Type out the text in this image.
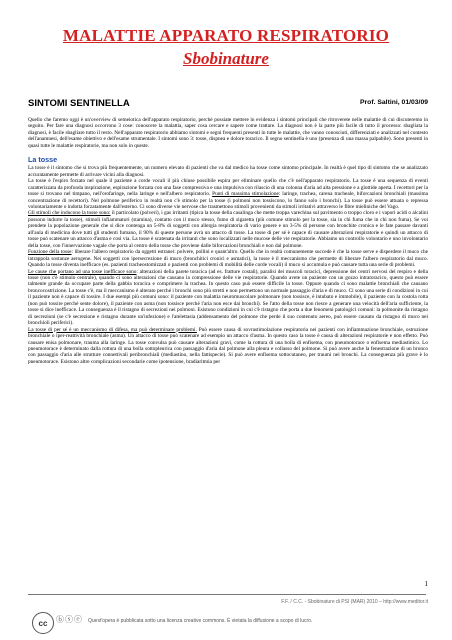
MALATTIE APPARATO RESPIRATORIO
Sbobinature
SINTOMI SENTINELLA	Prof. Saltini, 01/03/09

Quello che faremo oggi è un'overview di semeiotica dell'apparato respiratorio, perché possiate mettere in evidenza i sintomi principali che ritroverete nelle malattie di cui discuteremo in seguito. Per fare una diagnosi occorrono 3 cose: conoscere la malattia, saper cosa cercare e sapere come trattare. La diagnosi non è la parte più facile di tutto il processo: sbagliata la diagnosi, è facile sbagliare tutto il resto. Nell'apparato respiratorio abbiamo sintomi e segni frequenti presenti in tutte le malattie, che vanno conosciuti, differenziati e analizzati nel contesto dell'anamnesi, dell'esame obiettivo e dell'esame strumentale. I sintomi sono 3: tosse, dispnea e dolore toracico. Il segno sentinella è uno (presenza di una massa palpabile). Sono presenti in quasi tutte le malattie respiratorie, ma non solo in queste.

La tosse

La tosse è il sintomo che si trova più frequentemente, un numero elevato di pazienti che va dal medico ha tosse come sintomo principale. In realtà è quel tipo di sintomo che se analizzato accuratamente permette di arrivare vicini alla diagnosi.

La tosse è l'espiro forzato nel quale il paziente a corde vocali il più chiuse possibile espira per eliminare quello che c'è nell'apparato respiratorio. La tosse è una sequenza di eventi caratterizzata da profonda inspirazione, espirazione forzata con una fase compressiva e una impulsiva con rilascio di una colonna d'aria ad alta pressione e a glottide aperta. I recettori per la tosse si trovano nel timpano, nell'orofaringe, nella laringe e nell'albero respiratorio. Punti di massima stimolazione: laringe, trachea, carena tracheale, biforcazioni bronchiali (massima concentrazione di recettori). Nel polmone periferico in realtà non c'è stimolo per la tosse (i polmoni non tossiscono, lo fanno solo i bronchi). La tosse può essere attuata o repressa volontariamente o indotta forzatamente dall'esterno. Ci sono diverse vie nervose che trasmettono stimoli provenienti da stimoli irritativi attraverso le fibre mieliniche del Vago.

Gli stimoli che inducono la tosse sono: il particolato (polveri), i gas irritanti (tipica la tosse della casalinga che mette troppa varechina sul pavimento o troppo cloro e i vapori acidi o alcalini possono indurre la tosse), stimoli infiammatori (stamina), contatto con il muco stesso, fumo di sigaretta (più comune stimolo per la tosse, sia in chi fuma che in chi non fuma). Se voi prendete la popolazione generale che si dice contenga un 5-8% di soggetti con allergia respiratoria di vario genere e un 3-5% di persone con bronchite cronica e le fate passare davanti all'aula di medicina dove tutti gli studenti fumano, il 90% di queste persone avrà un attacco di tosse. La tosse di per sé è capace di causare alterazioni respiratorie e quindi un attacco di tosse può scatenare un attacco d'asma e così via. La tosse è scatenata da irritanti che sono localizzati nelle mucose delle vie respiratorie. Abbiamo un controllo volontario e uno involontario della tosse, con l'innervazione vagale che porta al centro della tosse che proviene dalle biforcazioni bronchiali e non dal polmone.

Funzione della tosse: liberare l'albero respiratorio da oggetti estranei: polvere, pollini e quant'altro. Quello che in realtà comunemente succede è che la tosse serve e disperdere il muco che intrappola sostanze aerogene. Nei soggetti con ipersecrezione di muco (bronchitici cronici e asmatici), la tosse è il meccanismo che permette di liberare l'albero respiratorio dal muco. Quando la tosse diventa inefficace (es. pazienti tracheostomizzati o pazienti con problemi di mobilità delle corde vocali) il muco si accumula e può causare tutta una serie di problemi.

Le cause che portano ad una tosse inefficace sono: alterazioni della parete toracica (ad es. fratture costali), paralisi dei muscoli toracici, depressione dei centri nervosi del respiro e della tosse (non c'è stimolo centrale), quando ci sono alterazioni che causano la compressione delle vie respiratorie. Quando avete un paziente con un gozzo intratoracico, questo può essere talmente grande da occupare parte della gabbia toracica e comprimere la trachea. In questo caso può essere difficile la tosse. Oppure quando ci sono malattie bronchiali che causano broncocostrizione. La tosse c'è, ma il meccanismo è alterato perché i bronchi sono più stretti e non permettono un normale passaggio d'aria e di muco. Ci sono una serie di condizioni in cui il paziente non è capace di tossire. I due esempi più comuni sono: il paziente con malattia neuromuscolare polmonare (non tossisce, è intubato e immobile), il paziente con la costola rotta (non può tossire perché sente dolore), il paziente con asma (non tossisce perché l'aria non esce dai bronchi). Se l'atto della tosse non riesce a generare una velocità dell'aria sufficiente, la tosse si dice inefficace. La conseguenza è il ristagno di secrezioni nei polmoni. Esistono condizioni in cui c'è ristagno che porta a due fenomeni patologici comuni: la polmonite da ristagno di secrezioni (se c'è secrezione e ristagno durante un'infezione) e l'atelettasia (addensamento del polmone che perde il suo contenuto aereo, può essere causato da ristagno di muco nei bronchioli periferici).

La tosse di per sé è un meccanismo di difesa, ma può determinare problemi. Può essere causa di sovrastimolazione respiratoria nei pazienti con infiammazione bronchiale, ostruzione bronchiale o iper-reattività bronchiale (asma). Un attacco di tosse può scatenare ad esempio un attacco d'asma. In questo caso la tosse è causa di alterazioni respiratorie e non effetto. Può causare enisa polmonare, trauma alla laringe. La tosse convulsa può causare alterazioni gravi, come la rottura di una bolla di enfisema, con pneumotorace o enfisema mediastinico. Lo pneumotorace è determinato dalla rottura di una bolla sottopleurica con passaggio d'aria dal polmone alla pleura e collasso del polmone. Si può avere anche la fenestrazione di un bronco con passaggio d'aria alle strutture connettivali peribronchiali (mediastino, nella fattispecie). Si può avere enfisema sottocutaneo, per traumi nei bronchi. La conseguenza più grave è lo pneumotorace. Esistono altre complicazioni secondarie come ipotensione, bradiaritmia per

1
F.F. / C.C. - Sbobinature di PSI (MAR) 2010 – http://www.meditor.it
cc	ⓑⓢⓔ Quest'opera è pubblicata sotto una licenza creative commons. È vietata la diffusione a scopo di lucro.
